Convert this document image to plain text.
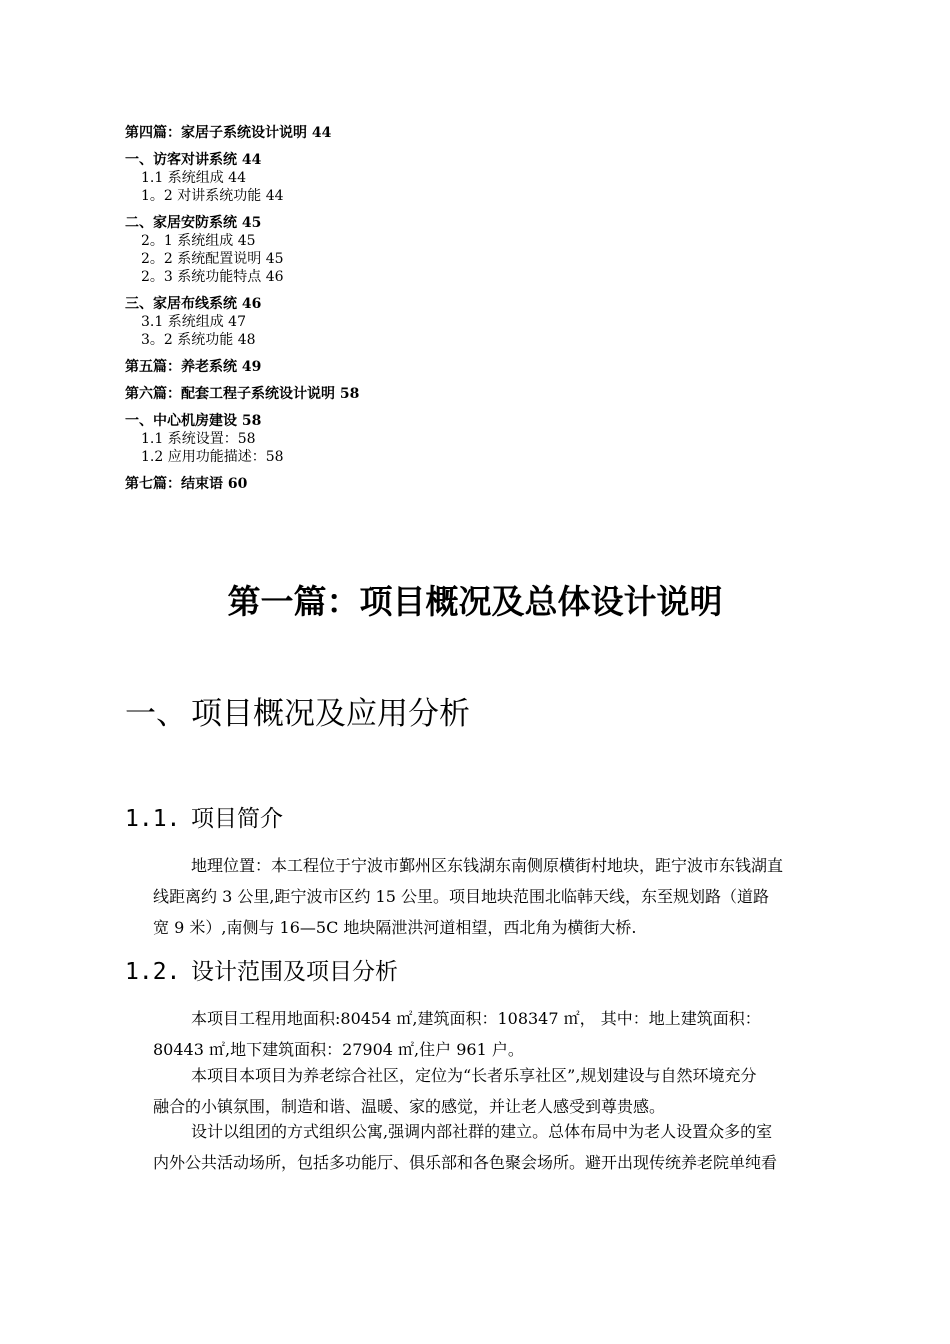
第四篇：家居子系统设计说明 44
一、访客对讲系统 44
1.1 系统组成 44
1。2 对讲系统功能 44
二、家居安防系统 45
2。1 系统组成 45
2。2 系统配置说明 45
2。3 系统功能特点 46
三、家居布线系统 46
3.1 系统组成 47
3。2 系统功能 48
第五篇：养老系统 49
第六篇：配套工程子系统设计说明 58
一、中心机房建设 58
1.1 系统设置：58
1.2 应用功能描述：58
第七篇：结束语 60
第一篇：项目概况及总体设计说明
一、 项目概况及应用分析
1.1. 项目简介
地理位置：本工程位于宁波市鄞州区东钱湖东南侧原横街村地块，距宁波市东钱湖直
线距离约 3 公里,距宁波市区约 15 公里。项目地块范围北临韩天线，东至规划路（道路
宽 9 米）,南侧与 16—5C 地块隔泄洪河道相望，西北角为横街大桥.
1.2. 设计范围及项目分析
本项目工程用地面积:80454 ㎡,建筑面积：108347 ㎡， 其中：地上建筑面积：
80443 ㎡,地下建筑面积：27904 ㎡,住户 961 户。
本项目本项目为养老综合社区，定位为“长者乐享社区”,规划建设与自然环境充分
融合的小镇氛围，制造和谐、温暖、家的感觉，并让老人感受到尊贵感。
设计以组团的方式组织公寓,强调内部社群的建立。总体布局中为老人设置众多的室
内外公共活动场所，包括多功能厅、俱乐部和各色聚会场所。避开出现传统养老院单纯看
